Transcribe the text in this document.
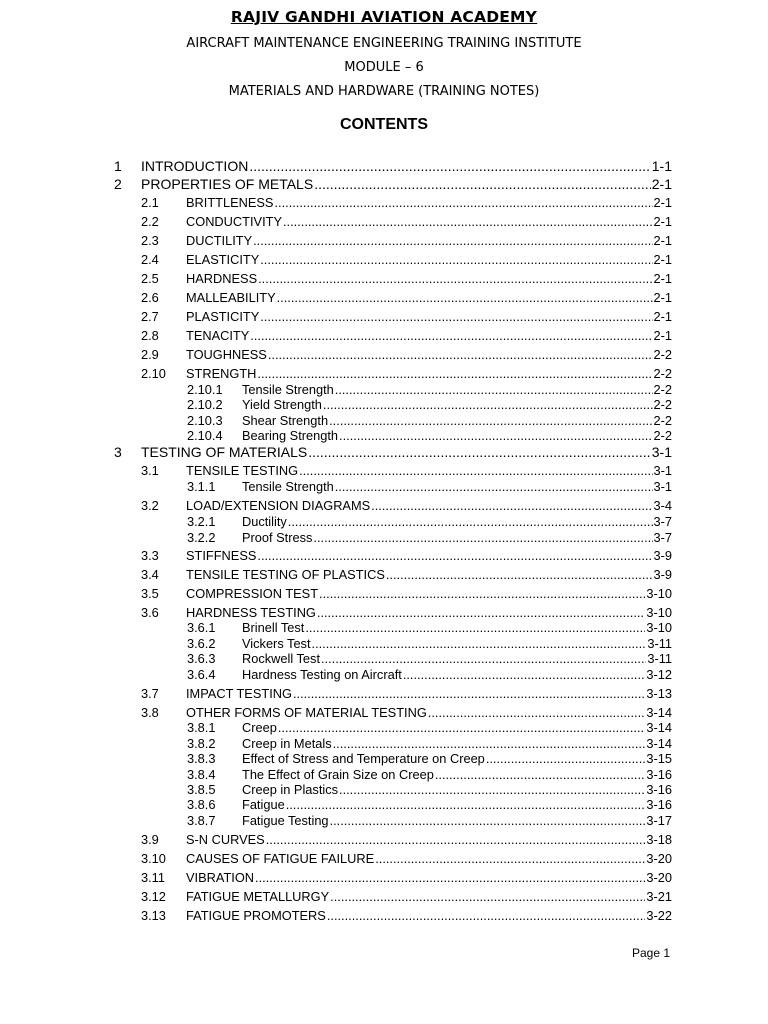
RAJIV GANDHI AVIATION ACADEMY
AIRCRAFT MAINTENANCE ENGINEERING TRAINING INSTITUTE
MODULE – 6
MATERIALS AND HARDWARE (TRAINING NOTES)
CONTENTS
1 INTRODUCTION .....	1-1
2 PROPERTIES OF METALS .....	2-1
2.1 BRITTLENESS .....	2-1
2.2 CONDUCTIVITY .....	2-1
2.3 DUCTILITY .....	2-1
2.4 ELASTICITY .....	2-1
2.5 HARDNESS .....	2-1
2.6 MALLEABILITY .....	2-1
2.7 PLASTICITY .....	2-1
2.8 TENACITY .....	2-1
2.9 TOUGHNESS .....	2-2
2.10 STRENGTH .....	2-2
2.10.1 Tensile Strength .....	2-2
2.10.2 Yield Strength .....	2-2
2.10.3 Shear Strength .....	2-2
2.10.4 Bearing Strength .....	2-2
3 TESTING OF MATERIALS .....	3-1
3.1 TENSILE TESTING .....	3-1
3.1.1 Tensile Strength .....	3-1
3.2 LOAD/EXTENSION DIAGRAMS .....	3-4
3.2.1 Ductility .....	3-7
3.2.2 Proof Stress .....	3-7
3.3 STIFFNESS .....	3-9
3.4 TENSILE TESTING OF PLASTICS .....	3-9
3.5 COMPRESSION TEST .....	3-10
3.6 HARDNESS TESTING .....	3-10
3.6.1 Brinell Test .....	3-10
3.6.2 Vickers Test .....	3-11
3.6.3 Rockwell Test .....	3-11
3.6.4 Hardness Testing on Aircraft .....	3-12
3.7 IMPACT TESTING .....	3-13
3.8 OTHER FORMS OF MATERIAL TESTING .....	3-14
3.8.1 Creep .....	3-14
3.8.2 Creep in Metals .....	3-14
3.8.3 Effect of Stress and Temperature on Creep .....	3-15
3.8.4 The Effect of Grain Size on Creep .....	3-16
3.8.5 Creep in Plastics .....	3-16
3.8.6 Fatigue .....	3-16
3.8.7 Fatigue Testing .....	3-17
3.9 S-N CURVES .....	3-18
3.10 CAUSES OF FATIGUE FAILURE .....	3-20
3.11 VIBRATION .....	3-20
3.12 FATIGUE METALLURGY .....	3-21
3.13 FATIGUE PROMOTERS .....	3-22
Page 1
